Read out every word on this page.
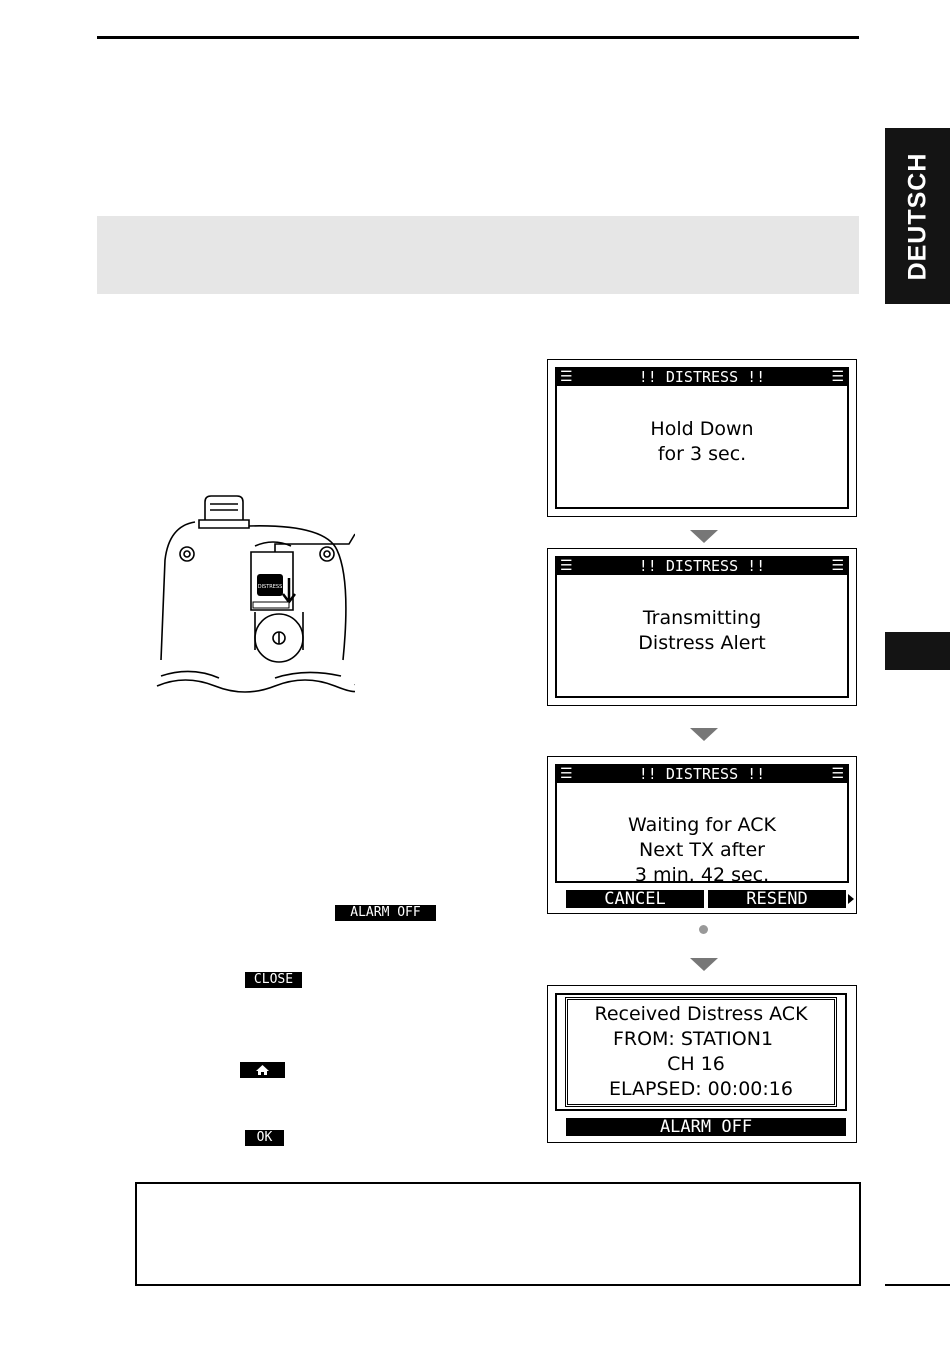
DEUTSCH
DISTRESS
☰	!! DISTRESS !!	☰
Hold Down
for 3 sec.
☰	!! DISTRESS !!	☰
Transmitting
Distress Alert
☰	!! DISTRESS !!	☰
Waiting for ACK
Next TX after
3 min. 42 sec.
CANCEL	RESEND
Received Distress ACK
FROM: STATION1
CH 16
ELAPSED: 00:00:16
ALARM OFF
ALARM OFF
CLOSE
OK
